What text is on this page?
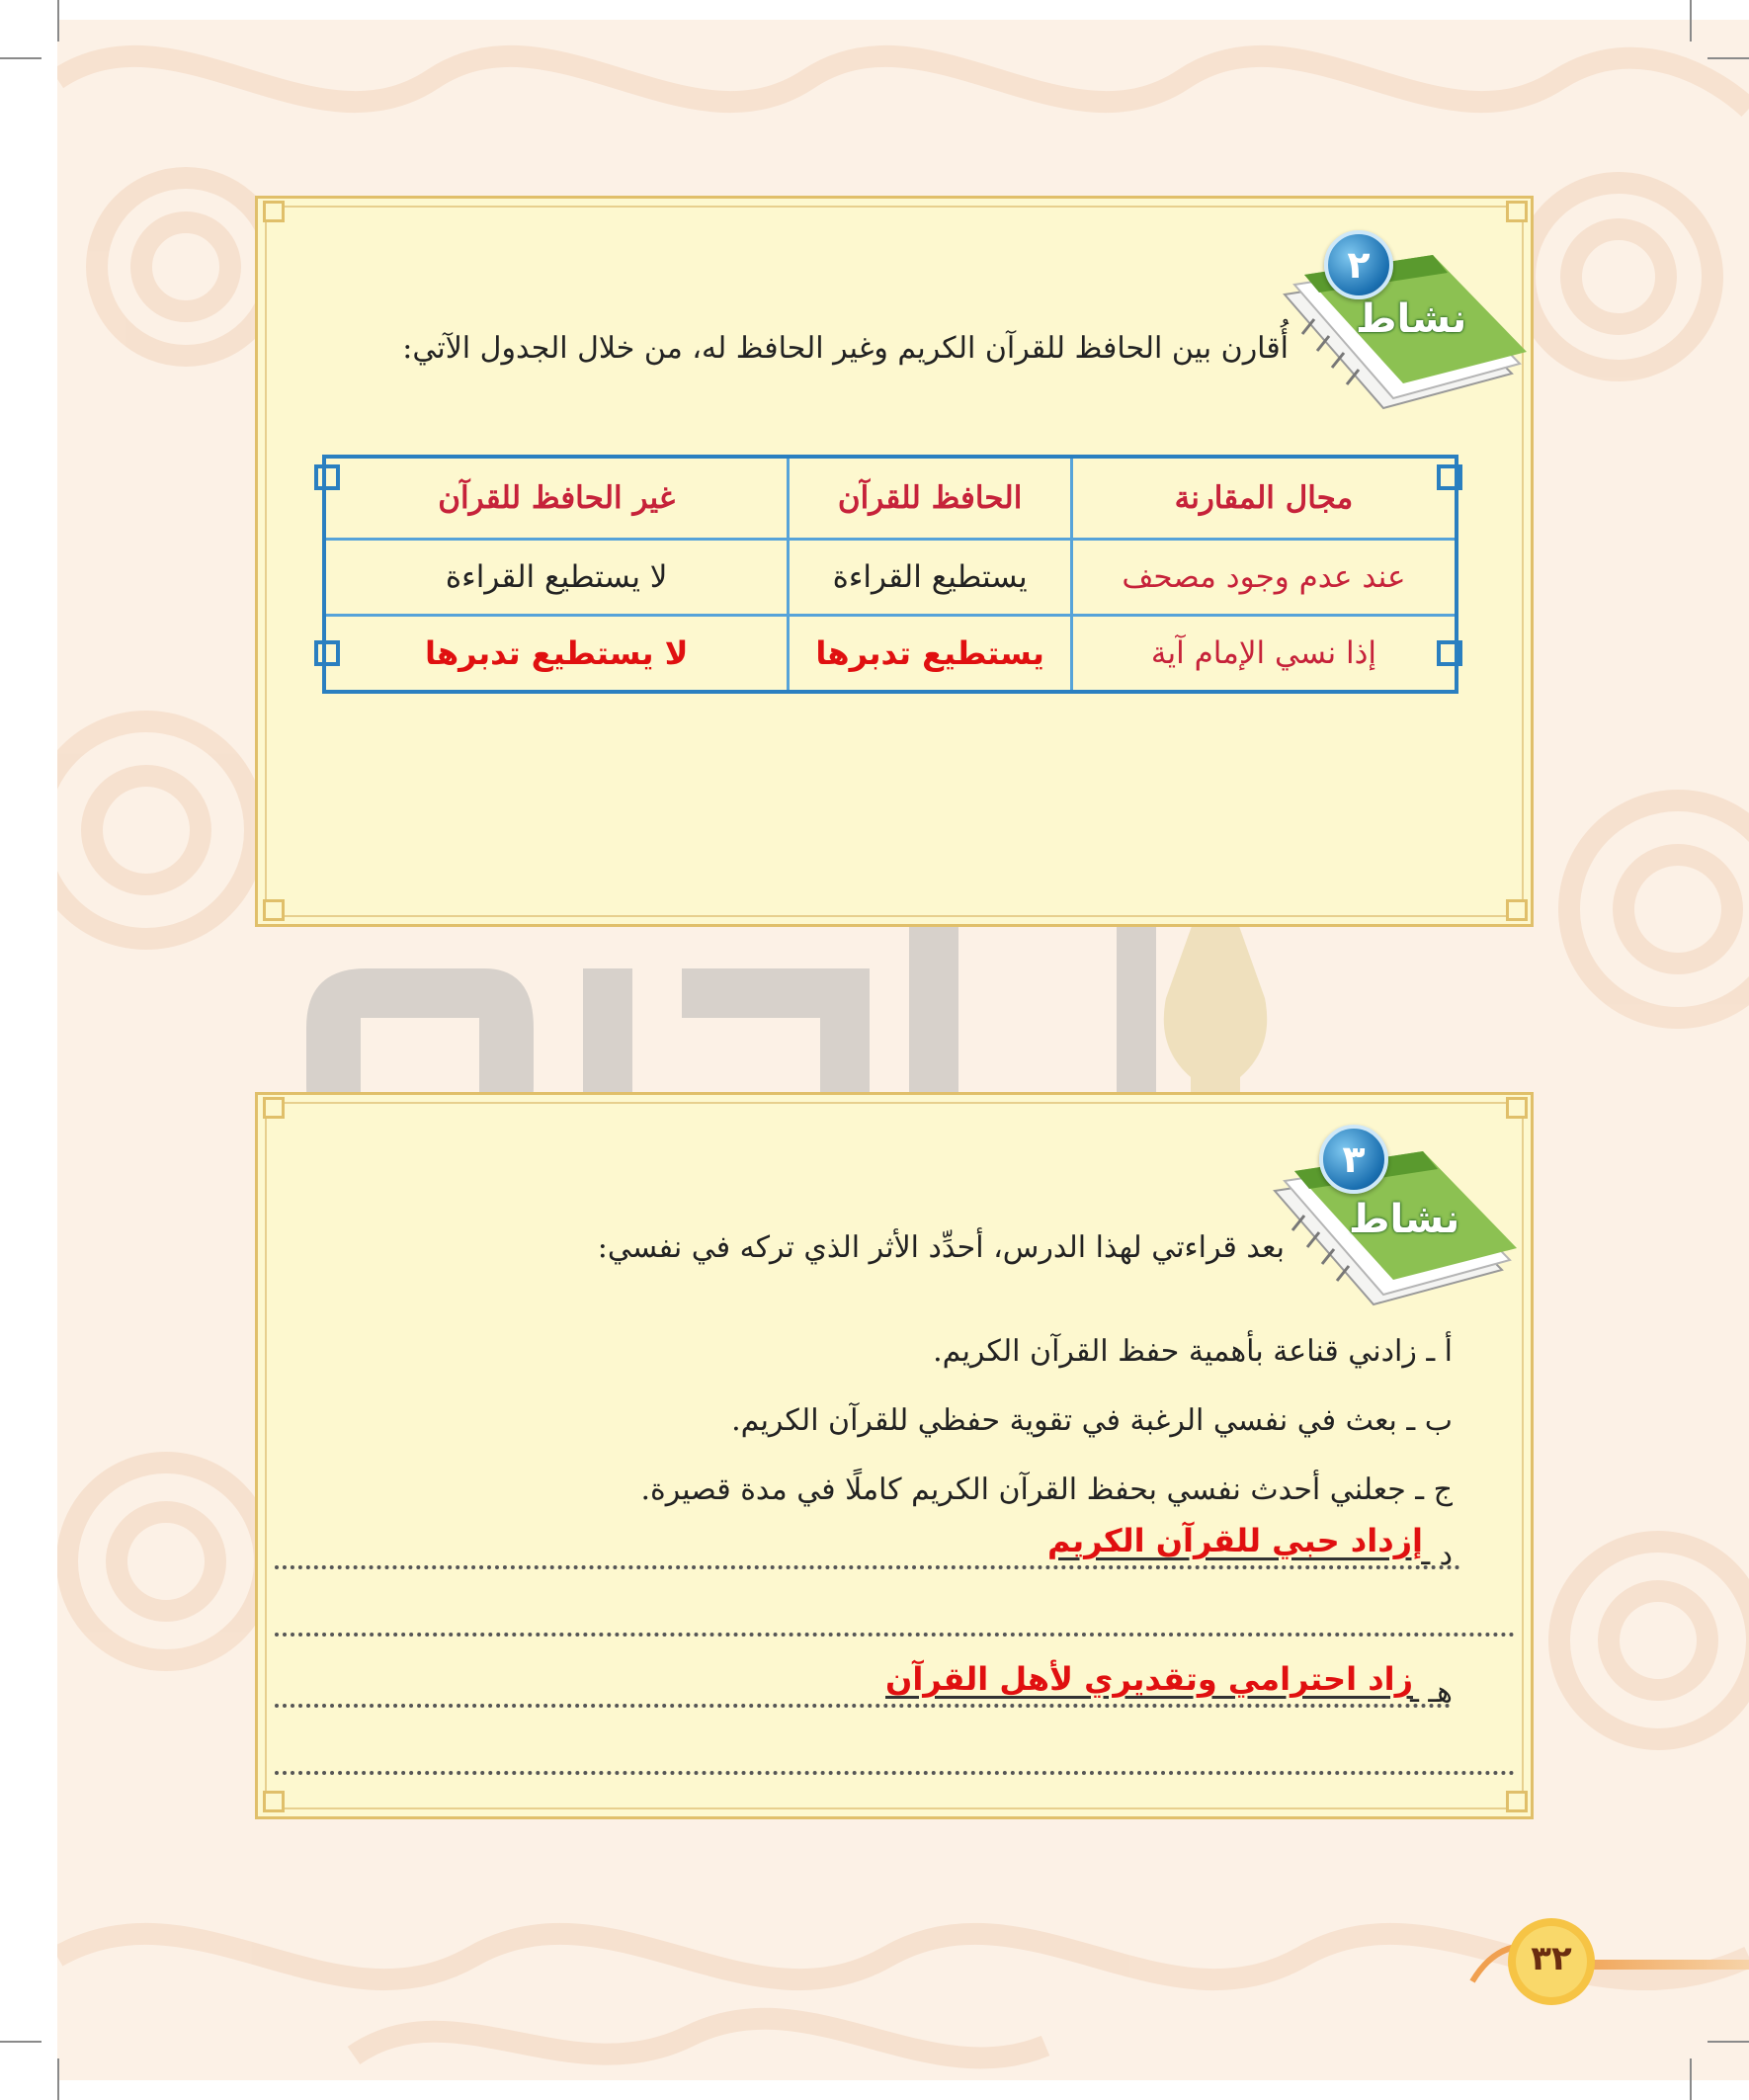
نشاط
٢
أُقارن بين الحافظ للقرآن الكريم وغير الحافظ له، من خلال الجدول الآتي:
مجال المقارنة	الحافظ للقرآن	غير الحافظ للقرآن
عند عدم وجود مصحف	يستطيع القراءة	لا يستطيع القراءة
إذا نسي الإمام آية	يستطيع تدبرها	لا يستطيع تدبرها
نشاط
٣
بعد قراءتي لهذا الدرس، أحدِّد الأثر الذي تركه في نفسي:
أ ـ زادني قناعة بأهمية حفظ القرآن الكريم.
ب ـ بعث في نفسي الرغبة في تقوية حفظي للقرآن الكريم.
ج ـ جعلني أحدث نفسي بحفظ القرآن الكريم كاملًا في مدة قصيرة.
د ـ
إزداد حبي للقرآن الكريم
هـ ـ
زاد احترامي وتقديري لأهل القرآن
٣٢
